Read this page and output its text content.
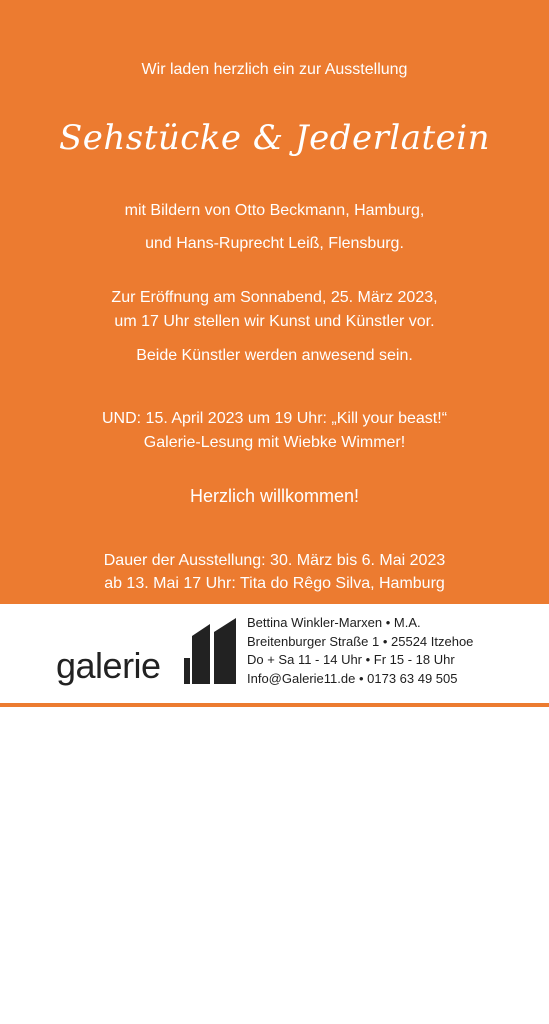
Wir laden herzlich ein zur Ausstellung
Sehstücke & Jederlatein
mit Bildern von Otto Beckmann, Hamburg,
und Hans-Ruprecht Leiß, Flensburg.
Zur Eröffnung am Sonnabend, 25. März 2023,
um 17 Uhr stellen wir Kunst und Künstler vor.
Beide Künstler werden anwesend sein.
UND: 15. April 2023 um 19 Uhr: „Kill your beast!“
Galerie-Lesung mit Wiebke Wimmer!
Herzlich willkommen!
Dauer der Ausstellung: 30. März bis 6. Mai 2023
ab 13. Mai 17 Uhr: Tita do Rêgo Silva, Hamburg
galerie
Bettina Winkler-Marxen • M.A.
Breitenburger Straße 1 • 25524 Itzehoe
Do + Sa 11 - 14 Uhr • Fr 15 - 18 Uhr
Info@Galerie11.de • 0173 63 49 505
